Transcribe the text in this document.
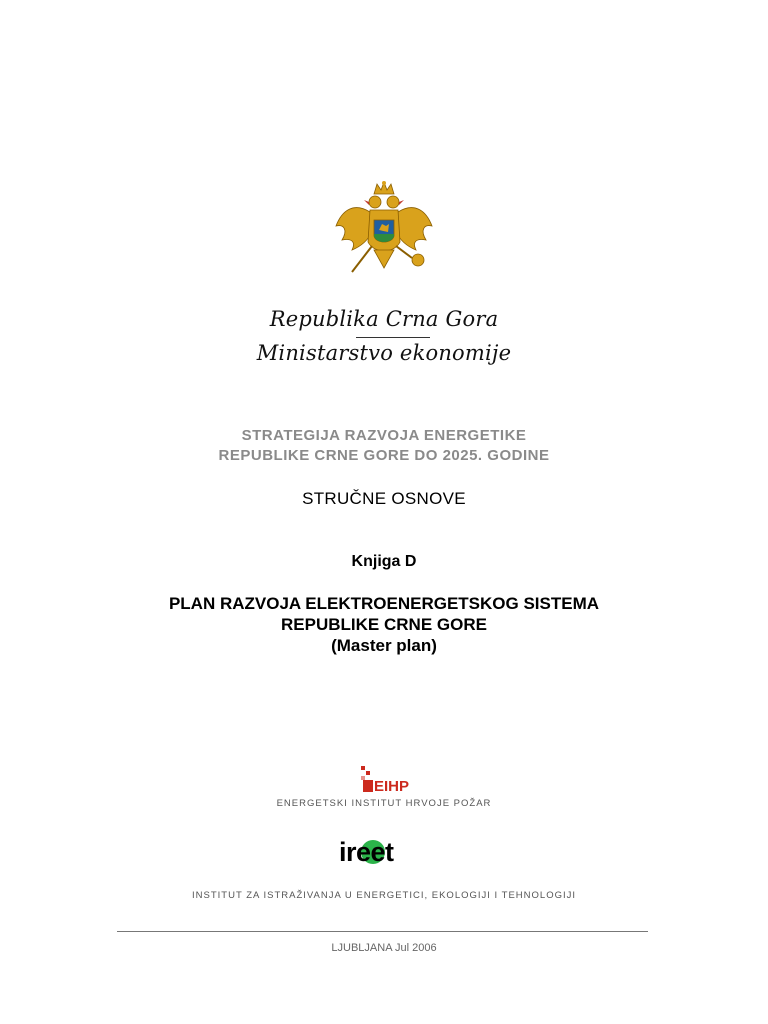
Republika Crna Gora
Ministarstvo ekonomije
STRATEGIJA RAZVOJA ENERGETIKE
REPUBLIKE CRNE GORE DO 2025. GODINE
STRUČNE OSNOVE
Knjiga D
PLAN RAZVOJA ELEKTROENERGETSKOG SISTEMA
REPUBLIKE CRNE GORE
(Master plan)
EIHP
ENERGETSKI INSTITUT HRVOJE POŽAR
ireet
INSTITUT ZA ISTRAŽIVANJA U ENERGETICI, EKOLOGIJI I TEHNOLOGIJI
LJUBLJANA Jul 2006
